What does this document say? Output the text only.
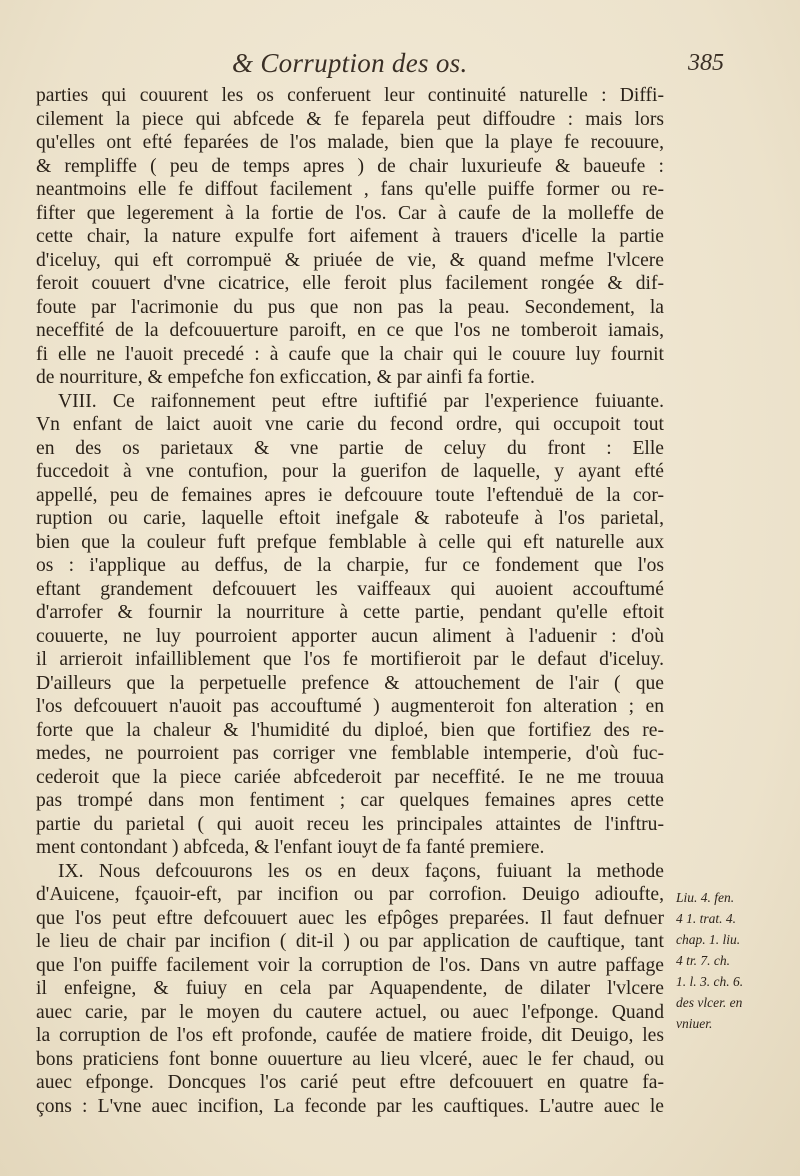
& Corruption des os.	385
parties qui couurent les os conferuent leur continuité naturelle : Diffi-
cilement la piece qui abfcede & fe feparela peut diffoudre : mais lors
qu'elles ont efté feparées de l'os malade, bien que la playe fe recouure,
& rempliffe ( peu de temps apres ) de chair luxurieufe & baueufe :
neantmoins elle fe diffout facilement , fans qu'elle puiffe former ou re-
fifter que legerement à la fortie de l'os. Car à caufe de la molleffe de
cette chair, la nature expulfe fort aifement à trauers d'icelle la partie
d'iceluy, qui eft corrompuë & priuée de vie, & quand mefme l'vlcere
feroit couuert d'vne cicatrice, elle feroit plus facilement rongée & dif-
foute par l'acrimonie du pus que non pas la peau. Secondement, la
neceffité de la defcouuerture paroift, en ce que l'os ne tomberoit iamais,
fi elle ne l'auoit precedé : à caufe que la chair qui le couure luy fournit
de nourriture, & empefche fon exficcation, & par ainfi fa fortie.
VIII. Ce raifonnement peut eftre iuftifié par l'experience fuiuante.
Vn enfant de laict auoit vne carie du fecond ordre, qui occupoit tout
en des os parietaux & vne partie de celuy du front : Elle
fuccedoit à vne contufion, pour la guerifon de laquelle, y ayant efté
appellé, peu de femaines apres ie defcouure toute l'eftenduë de la cor-
ruption ou carie, laquelle eftoit inefgale & raboteufe à l'os parietal,
bien que la couleur fuft prefque femblable à celle qui eft naturelle aux
os : i'applique au deffus, de la charpie, fur ce fondement que l'os
eftant grandement defcouuert les vaiffeaux qui auoient accouftumé
d'arrofer & fournir la nourriture à cette partie, pendant qu'elle eftoit
couuerte, ne luy pourroient apporter aucun aliment à l'aduenir : d'où
il arrieroit infailliblement que l'os fe mortifieroit par le defaut d'iceluy.
D'ailleurs que la perpetuelle prefence & attouchement de l'air ( que
l'os defcouuert n'auoit pas accouftumé ) augmenteroit fon alteration ; en
forte que la chaleur & l'humidité du diploé, bien que fortifiez des re-
medes, ne pourroient pas corriger vne femblable intemperie, d'où fuc-
cederoit que la piece cariée abfcederoit par neceffité. Ie ne me trouua
pas trompé dans mon fentiment ; car quelques femaines apres cette
partie du parietal ( qui auoit receu les principales attaintes de l'inftru-
ment contondant ) abfceda, & l'enfant iouyt de fa fanté premiere.
IX. Nous defcouurons les os en deux façons, fuiuant la methode
d'Auicene, fçauoir-eft, par incifion ou par corrofion. Deuigo adioufte,
que l'os peut eftre defcouuert auec les efpôges preparées. Il faut defnuer
le lieu de chair par incifion ( dit-il ) ou par application de cauftique, tant
que l'on puiffe facilement voir la corruption de l'os. Dans vn autre paffage
il enfeigne, & fuiuy en cela par Aquapendente, de dilater l'vlcere
auec carie, par le moyen du cautere actuel, ou auec l'efponge. Quand
la corruption de l'os eft profonde, caufée de matiere froide, dit Deuigo, les
bons praticiens font bonne ouuerture au lieu vlceré, auec le fer chaud, ou
auec efponge. Doncques l'os carié peut eftre defcouuert en quatre fa-
çons : L'vne auec incifion, La feconde par les cauftiques. L'autre auec le
Liu. 4. fen.
4 1. trat. 4.
chap. 1. liu.
4 tr. 7. ch.
1. l. 3. ch. 6.
des vlcer. en
vniuer.
